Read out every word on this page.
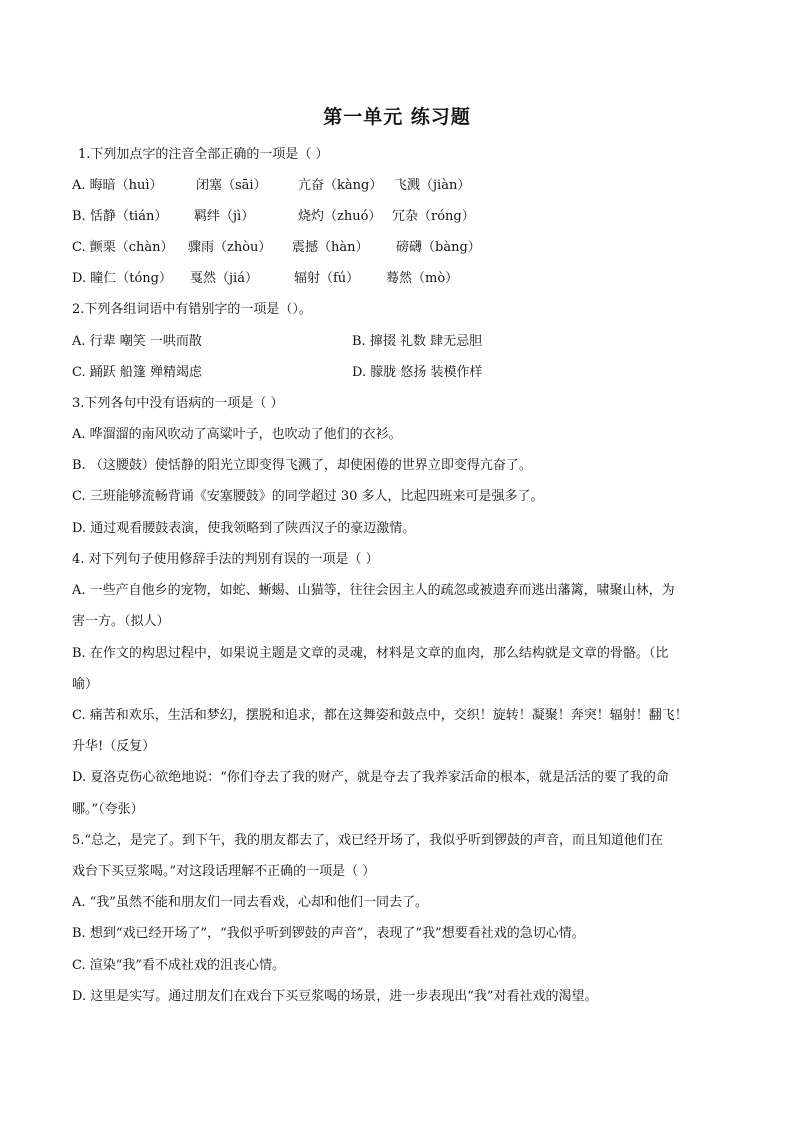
第一单元 练习题
1.下列加点字的注音全部正确的一项是（ ）
A. 晦暗（huì）	闭塞（sāi） 亢奋（kàng） 飞溅（jiàn）
B. 恬静（tián） 羁绊（jì）	烧灼（zhuó） 冗杂（róng）
C. 颤栗（chàn） 骤雨（zhòu） 震撼（hàn） 磅礴（bàng）
D. 瞳仁（tóng） 戛然（jiá）	辐射（fú） 蓦然（mò）
2.下列各组词语中有错别字的一项是（）。
A. 行辈 嘲笑 一哄而散	B. 撺掇 礼数 肆无忌胆
C. 踊跃 船篷 殚精竭虑	D. 朦胧 悠扬 装模作样
3.下列各句中没有语病的一项是（ ）
A. 哗溜溜的南风吹动了高粱叶子，也吹动了他们的衣衫。
B. （这腰鼓）使恬静的阳光立即变得飞溅了，却使困倦的世界立即变得亢奋了。
C. 三班能够流畅背诵《安塞腰鼓》的同学超过 30 多人，比起四班来可是强多了。
D. 通过观看腰鼓表演，使我领略到了陕西汉子的豪迈激情。
4. 对下列句子使用修辞手法的判别有误的一项是（ ）
A. 一些产自他乡的宠物，如蛇、蜥蜴、山猫等，往往会因主人的疏忽或被遗弃而逃出藩篱，啸聚山林，为
害一方。（拟人）
B. 在作文的构思过程中，如果说主题是文章的灵魂，材料是文章的血肉，那么结构就是文章的骨骼。（比
喻）
C. 痛苦和欢乐，生活和梦幻，摆脱和追求，都在这舞姿和鼓点中，交织！旋转！凝聚！奔突！辐射！翻飞！
升华!（反复）
D. 夏洛克伤心欲绝地说：“你们夺去了我的财产，就是夺去了我养家活命的根本，就是活活的要了我的命
哪。”（夸张）
5.“总之，是完了。到下午，我的朋友都去了，戏已经开场了，我似乎听到锣鼓的声音，而且知道他们在
戏台下买豆浆喝。”对这段话理解不正确的一项是（ ）
A. “我”虽然不能和朋友们一同去看戏，心却和他们一同去了。
B. 想到“戏已经开场了”，“我似乎听到锣鼓的声音”，表现了“我”想要看社戏的急切心情。
C. 渲染“我”看不成社戏的沮丧心情。
D. 这里是实写。通过朋友们在戏台下买豆浆喝的场景，进一步表现出“我”对看社戏的渴望。
